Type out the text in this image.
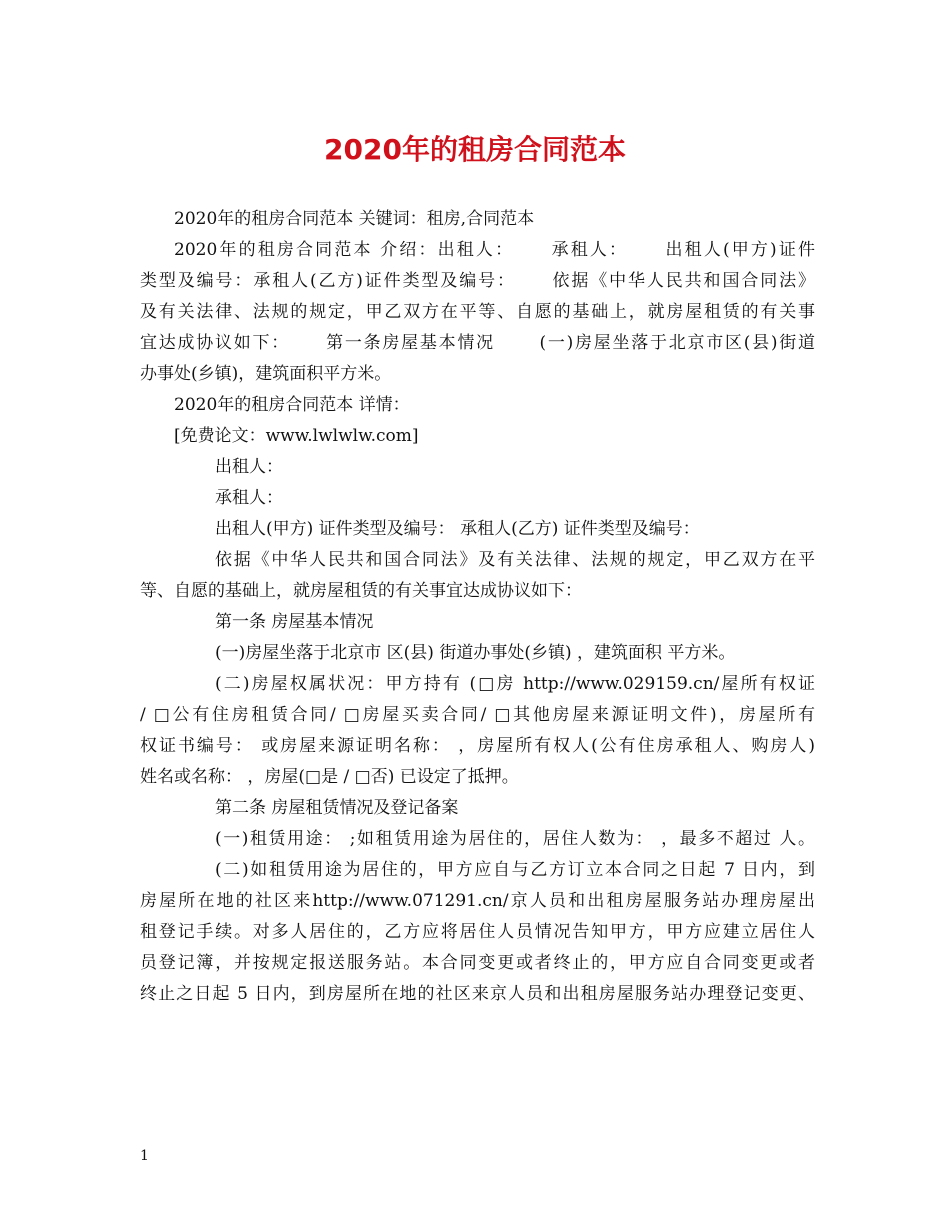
2020年的租房合同范本
2020年的租房合同范本 关键词：租房,合同范本
2020年的租房合同范本 介绍：出租人：　　 承租人：　　 出租人(甲方)证件
类型及编号：承租人(乙方)证件类型及编号：　　 依据《中华人民共和国合同法》
及有关法律、法规的规定，甲乙双方在平等、自愿的基础上，就房屋租赁的有关事
宜达成协议如下：　　 第一条房屋基本情况　　 (一)房屋坐落于北京市区(县)街道
办事处(乡镇)，建筑面积平方米。
2020年的租房合同范本 详情：
[免费论文：www.lwlwlw.com]
出租人：
承租人：
出租人(甲方) 证件类型及编号： 承租人(乙方) 证件类型及编号：
依据《中华人民共和国合同法》及有关法律、法规的规定，甲乙双方在平
等、自愿的基础上，就房屋租赁的有关事宜达成协议如下：
第一条 房屋基本情况
(一)房屋坐落于北京市 区(县) 街道办事处(乡镇) ，建筑面积 平方米。
(二)房屋权属状况：甲方持有 (□房 http://www.029159.cn/屋所有权证
/ □公有住房租赁合同/ □房屋买卖合同/ □其他房屋来源证明文件)，房屋所有
权证书编号： 或房屋来源证明名称： ，房屋所有权人(公有住房承租人、购房人)
姓名或名称： ，房屋(□是 / □否) 已设定了抵押。
第二条 房屋租赁情况及登记备案
(一)租赁用途： ;如租赁用途为居住的，居住人数为： ，最多不超过 人。
(二)如租赁用途为居住的，甲方应自与乙方订立本合同之日起 7 日内，到
房屋所在地的社区来http://www.071291.cn/京人员和出租房屋服务站办理房屋出
租登记手续。对多人居住的，乙方应将居住人员情况告知甲方，甲方应建立居住人
员登记簿，并按规定报送服务站。本合同变更或者终止的，甲方应自合同变更或者
终止之日起 5 日内，到房屋所在地的社区来京人员和出租房屋服务站办理登记变更、
1
